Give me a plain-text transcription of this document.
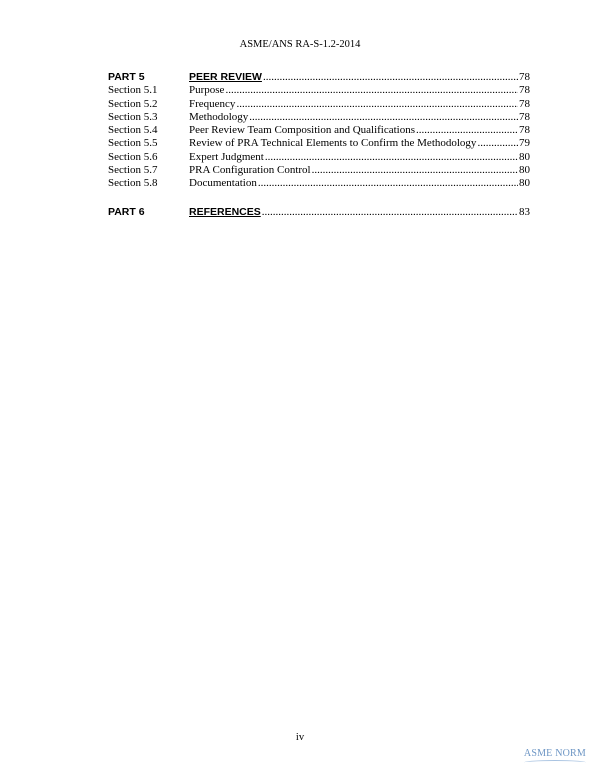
ASME/ANS RA-S-1.2-2014
PART 5	PEER REVIEW .....	78
Section 5.1	Purpose .....	78
Section 5.2	Frequency .....	78
Section 5.3	Methodology .....	78
Section 5.4	Peer Review Team Composition and Qualifications .....	78
Section 5.5	Review of PRA Technical Elements to Confirm the Methodology .....	79
Section 5.6	Expert Judgment .....	80
Section 5.7	PRA Configuration Control .....	80
Section 5.8	Documentation .....	80
PART 6	REFERENCES .....	83
iv
ASME NORM
